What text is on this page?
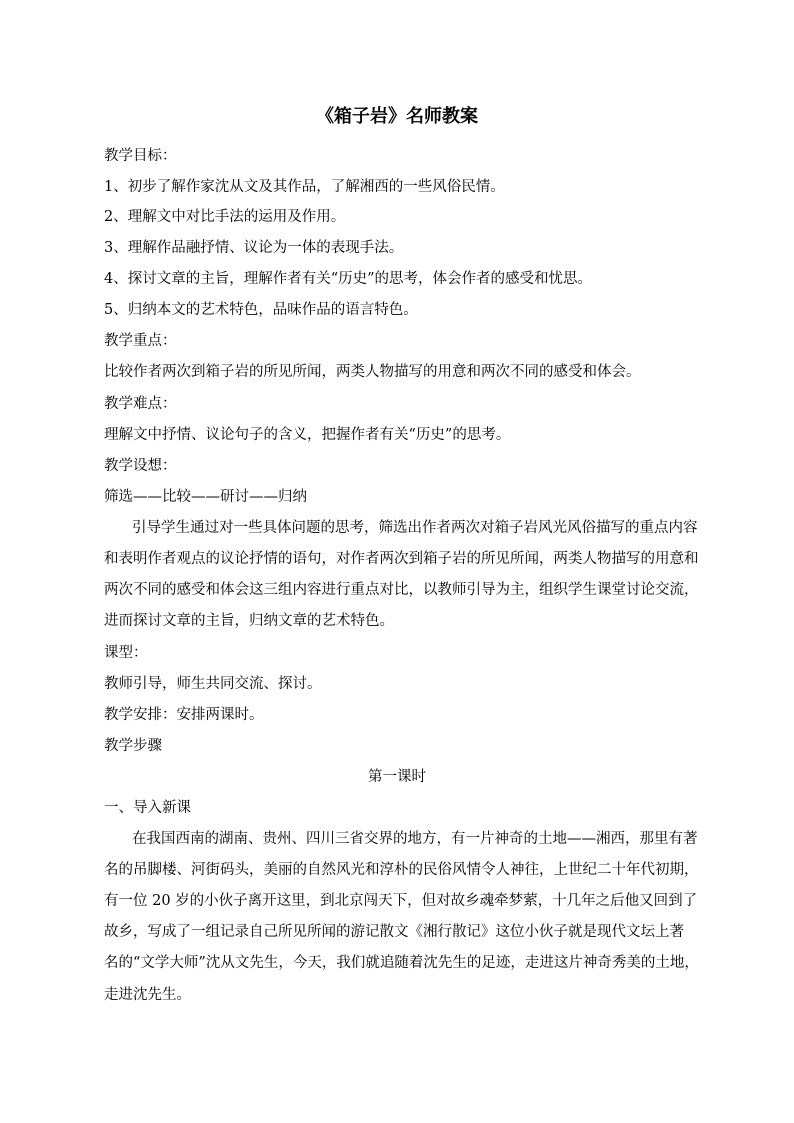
《箱子岩》名师教案
教学目标：
1、初步了解作家沈从文及其作品，了解湘西的一些风俗民情。
2、理解文中对比手法的运用及作用。
3、理解作品融抒情、议论为一体的表现手法。
4、探讨文章的主旨，理解作者有关“历史”的思考，体会作者的感受和忧思。
5、归纳本文的艺术特色，品味作品的语言特色。
教学重点：
比较作者两次到箱子岩的所见所闻，两类人物描写的用意和两次不同的感受和体会。
教学难点：
理解文中抒情、议论句子的含义，把握作者有关“历史”的思考。
教学设想：
筛选——比较——研讨——归纳
引导学生通过对一些具体问题的思考，筛选出作者两次对箱子岩风光风俗描写的重点内容
和表明作者观点的议论抒情的语句，对作者两次到箱子岩的所见所闻，两类人物描写的用意和
两次不同的感受和体会这三组内容进行重点对比，以教师引导为主，组织学生课堂讨论交流，
进而探讨文章的主旨，归纳文章的艺术特色。
课型：
教师引导，师生共同交流、探讨。
教学安排：安排两课时。
教学步骤
第一课时
一、导入新课
在我国西南的湖南、贵州、四川三省交界的地方，有一片神奇的土地——湘西，那里有著
名的吊脚楼、河街码头，美丽的自然风光和淳朴的民俗风情令人神往，上世纪二十年代初期，
有一位 20 岁的小伙子离开这里，到北京闯天下，但对故乡魂牵梦萦，十几年之后他又回到了
故乡，写成了一组记录自己所见所闻的游记散文《湘行散记》这位小伙子就是现代文坛上著
名的“文学大师”沈从文先生，今天，我们就追随着沈先生的足迹，走进这片神奇秀美的土地，
走进沈先生。
